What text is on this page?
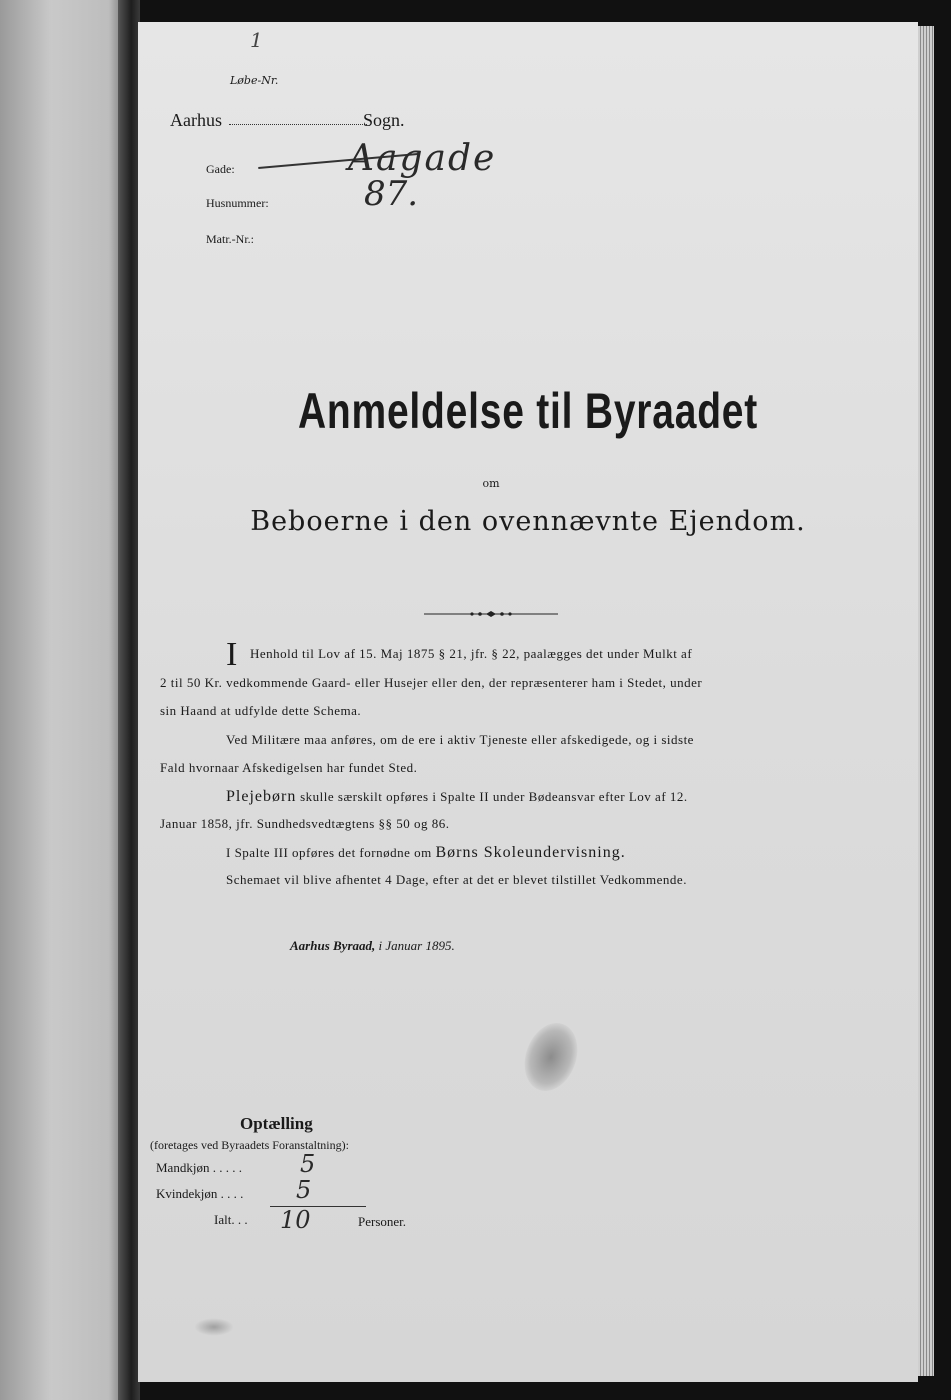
1
Løbe-Nr.
Aarhus	Sogn.
Gade:	Aagade
Husnummer:	87.
Matr.-Nr.:
Anmeldelse til Byraadet
om
Beboerne i den ovennævnte Ejendom.
I Henhold til Lov af 15. Maj 1875 § 21, jfr. § 22, paalægges det under Mulkt af
2 til 50 Kr. vedkommende Gaard- eller Husejer eller den, der repræsenterer ham i Stedet, under
sin Haand at udfylde dette Schema.
Ved Militære maa anføres, om de ere i aktiv Tjeneste eller afskedigede, og i sidste
Fald hvornaar Afskedigelsen har fundet Sted.
Plejebørn skulle særskilt opføres i Spalte II under Bødeansvar efter Lov af 12.
Januar 1858, jfr. Sundhedsvedtægtens §§ 50 og 86.
I Spalte III opføres det fornødne om Børns Skoleundervisning.
Schemaet vil blive afhentet 4 Dage, efter at det er blevet tilstillet Vedkommende.
Aarhus Byraad, i Januar 1895.
Optælling
(foretages ved Byraadets Foranstaltning):
Mandkjøn . . . . . 5
Kvindekjøn . . . . 5
Ialt. . . 10	Personer.
